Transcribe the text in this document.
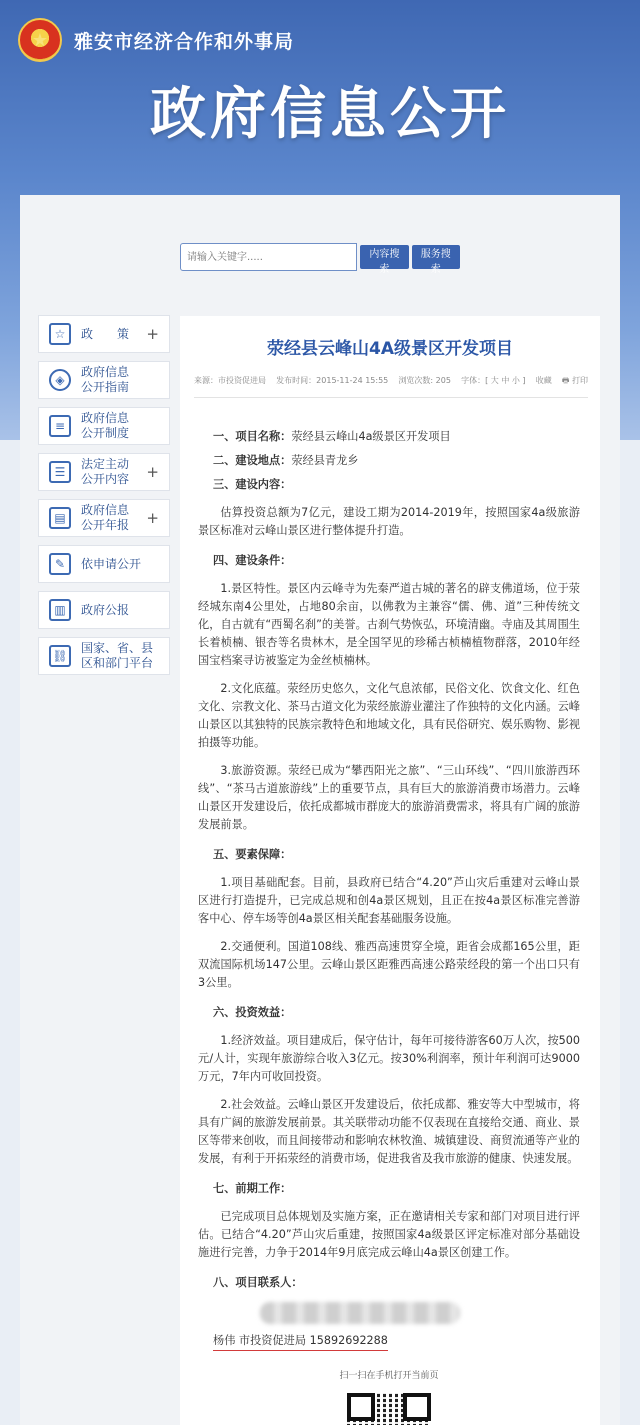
★	雅安市经济合作和外事局
政府信息公开
请输入关键字.....
内容搜索
服务搜索
☆	政　　策 +
◈
政府信息
公开指南
≡
政府信息
公开制度
☰
法定主动
公开内容 +
▤
政府信息
公开年报 +
✎	依申请公开
▥	政府公报
⛓
国家、省、县
区和部门平台
荥经县云峰山4A级景区开发项目
来源：市投资促进局 发布时间：2015-11-24 15:55 浏览次数: 205 字体：[ 大 中 小 ] 收藏 🖶 打印
一、项目名称：荥经县云峰山4a级景区开发项目
二、建设地点：荥经县青龙乡
三、建设内容：
估算投资总额为7亿元，建设工期为2014-2019年，按照国家4a级旅游景区标准对云峰山景区进行整体提升打造。
四、建设条件：
1.景区特性。景区内云峰寺为先秦严道古城的著名的辟支佛道场，位于荥经城东南4公里处，占地80余亩，以佛教为主兼容“儒、佛、道”三种传统文化，自古就有“西蜀名刹”的美誉。古刹气势恢弘，环境清幽。寺庙及其周围生长着桢楠、银杏等名贵林木，是全国罕见的珍稀古桢楠植物群落，2010年经国宝档案寻访被鉴定为金丝桢楠林。
2.文化底蕴。荥经历史悠久，文化气息浓郁，民俗文化、饮食文化、红色文化、宗教文化、茶马古道文化为荥经旅游业灌注了作独特的文化内涵。云峰山景区以其独特的民族宗教特色和地域文化，具有民俗研究、娱乐购物、影视拍摄等功能。
3.旅游资源。荥经已成为“攀西阳光之旅”、“三山环线”、“四川旅游西环线”、“茶马古道旅游线”上的重要节点，具有巨大的旅游消费市场潜力。云峰山景区开发建设后，依托成都城市群庞大的旅游消费需求，将具有广阔的旅游发展前景。
五、要素保障：
1.项目基础配套。目前，县政府已结合“4.20”芦山灾后重建对云峰山景区进行打造提升，已完成总规和创4a景区规划，且正在按4a景区标准完善游客中心、停车场等创4a景区相关配套基础服务设施。
2.交通便利。国道108线、雅西高速贯穿全境，距省会成都165公里，距双流国际机场147公里。云峰山景区距雅西高速公路荥经段的第一个出口只有3公里。
六、投资效益：
1.经济效益。项目建成后，保守估计，每年可接待游客60万人次，按500元/人计，实现年旅游综合收入3亿元。按30%利润率，预计年利润可达9000万元，7年内可收回投资。
2.社会效益。云峰山景区开发建设后，依托成都、雅安等大中型城市，将具有广阔的旅游发展前景。其关联带动功能不仅表现在直接给交通、商业、景区等带来创收，而且间接带动和影响农林牧渔、城镇建设、商贸流通等产业的发展，有利于开拓荥经的消费市场，促进我省及我市旅游的健康、快速发展。
七、前期工作：
已完成项目总体规划及实施方案，正在邀请相关专家和部门对项目进行评估。已结合“4.20”芦山灾后重建，按照国家4a级景区评定标准对部分基础设施进行完善，力争于2014年9月底完成云峰山4a景区创建工作。
八、项目联系人：
杨伟 市投资促进局 15892692288
扫一扫在手机打开当前页
